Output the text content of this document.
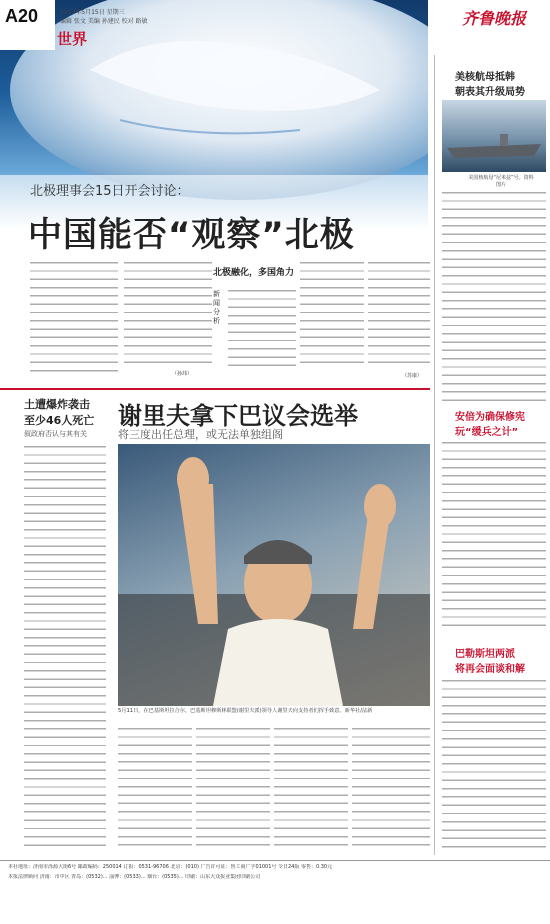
A20	2013年5月15日 星期三
编辑 张文 美编 孙建民 校对 路敏
世界
齐鲁晚报
北极理事会15日开会讨论：
中国能否“观察”北极
（孙玮）
北极融化，多国角力
新闻分析
（苏康）
土遭爆炸袭击
至少46人死亡
叙政府否认与其有关
谢里夫拿下巴议会选举
将三度出任总理，或无法单独组阁
5月11日，在巴基斯坦拉合尔，巴基斯坦穆斯林联盟(谢里夫派)领导人谢里夫向支持者们挥手致意。新华社/法新
美核航母抵韩
朝表其升级局势
美国核航母“尼米兹”号。资料图片
安倍为确保修宪
玩“缓兵之计”
巴勒斯坦两派
将再会面谈和解
本社地址：济南市泺源大街6号 邮政编码：250014 订报：0531-96706 北京：(010) 广告许可证：鲁工商广字01001号 令日24版 零售：0.30元
本报法律顾问 济南：市中区 青岛：(0532)... 淄博：(0533)... 烟台：(0535)... 印刷：山东大众报业集团印刷公司
